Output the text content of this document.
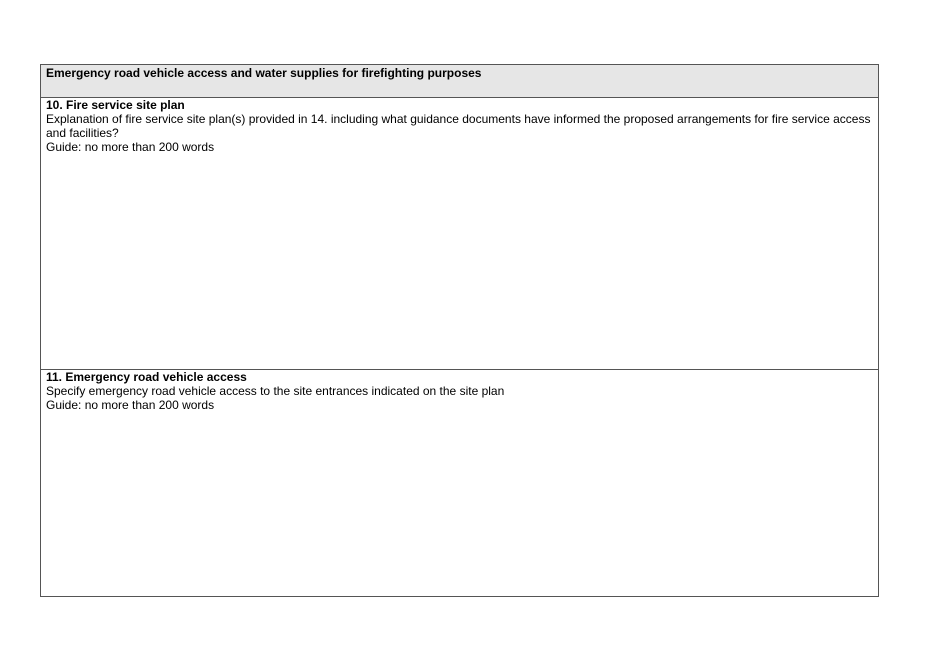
Emergency road vehicle access and water supplies for firefighting purposes
10. Fire service site plan
Explanation of fire service site plan(s) provided in 14. including what guidance documents have informed the proposed arrangements for fire service access and facilities?
Guide: no more than 200 words
11. Emergency road vehicle access
Specify emergency road vehicle access to the site entrances indicated on the site plan
Guide: no more than 200 words
